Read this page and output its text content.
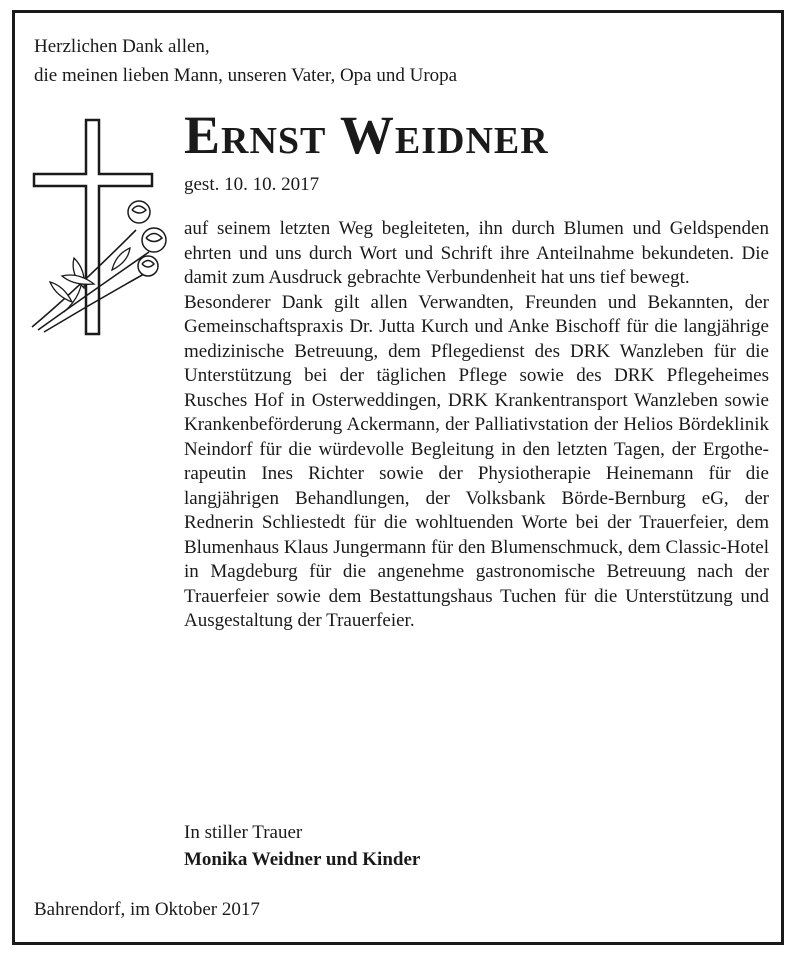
Herzlichen Dank allen,
die meinen lieben Mann, unseren Vater, Opa und Uropa
Ernst Weidner
gest. 10. 10. 2017

auf seinem letzten Weg begleiteten, ihn durch Blumen und Geldspenden ehrten und uns durch Wort und Schrift ihre Anteilnahme bekundeten. Die damit zum Ausdruck gebrachte Verbundenheit hat uns tief bewegt.

Besonderer Dank gilt allen Verwandten, Freunden und Bekannten, der Gemeinschaftspraxis Dr. Jutta Kurch und Anke Bischoff für die langjährige medizinische Betreuung, dem Pflegedienst des DRK Wanzleben für die Unterstützung bei der täglichen Pflege sowie des DRK Pflegeheimes Rusches Hof in Osterweddingen, DRK Krankentransport Wanzleben sowie Krankenbeförderung Ackermann, der Palliativstation der Helios Bördeklinik Neindorf für die würdevolle Begleitung in den letzten Tagen, der Ergotherapeutin Ines Richter sowie der Physiotherapie Heinemann für die langjährigen Behandlungen, der Volksbank Börde-Bernburg eG, der Rednerin Schliestedt für die wohltuenden Worte bei der Trauerfeier, dem Blumenhaus Klaus Jungermann für den Blumenschmuck, dem Classic-Hotel in Magdeburg für die angenehme gastronomische Betreuung nach der Trauerfeier sowie dem Bestattungshaus Tuchen für die Unterstützung und Ausgestaltung der Trauerfeier.

In stiller Trauer
Monika Weidner und Kinder
Bahrendorf, im Oktober 2017
